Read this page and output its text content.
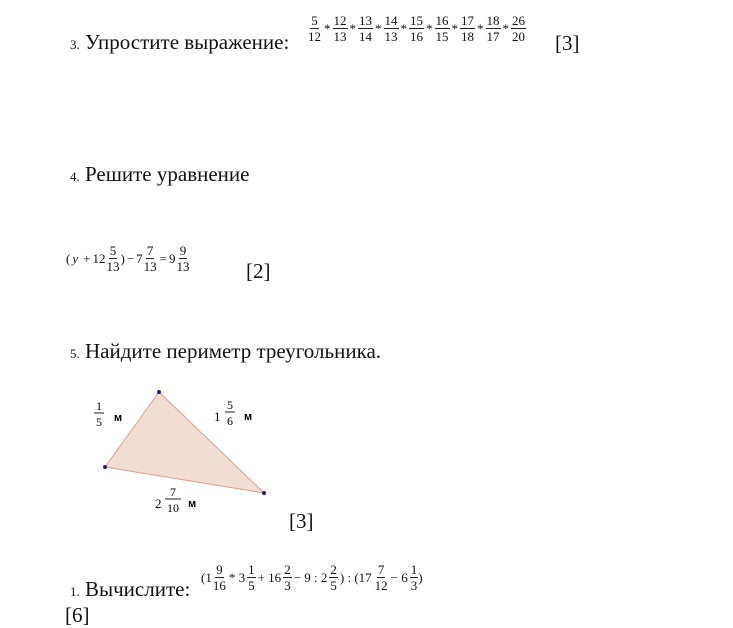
3. Упростите выражение: $\frac{5}{12} * \frac{12}{13} * \frac{13}{14} * \frac{14}{13} * \frac{15}{16} * \frac{16}{15} * \frac{17}{18} * \frac{18}{17} * \frac{26}{20} [3]$
4. Решите уравнение
( $y + 12 \frac{5}{13}$ ) − $7 \frac{7}{13} = 9 \frac{9}{13}$	[2]
5. Найдите периметр треугольника.
1
5 м	1
5
6 м
2
7
10 м
[3]
1. Вычислите: ($1 \frac{9}{16} * 3 \frac{1}{5} + 16 \frac{2}{3} - 9$ : $2 \frac{2}{5}$ ) : ($17 \frac{7}{12} - 6 \frac{1}{3}$ )
[6]
